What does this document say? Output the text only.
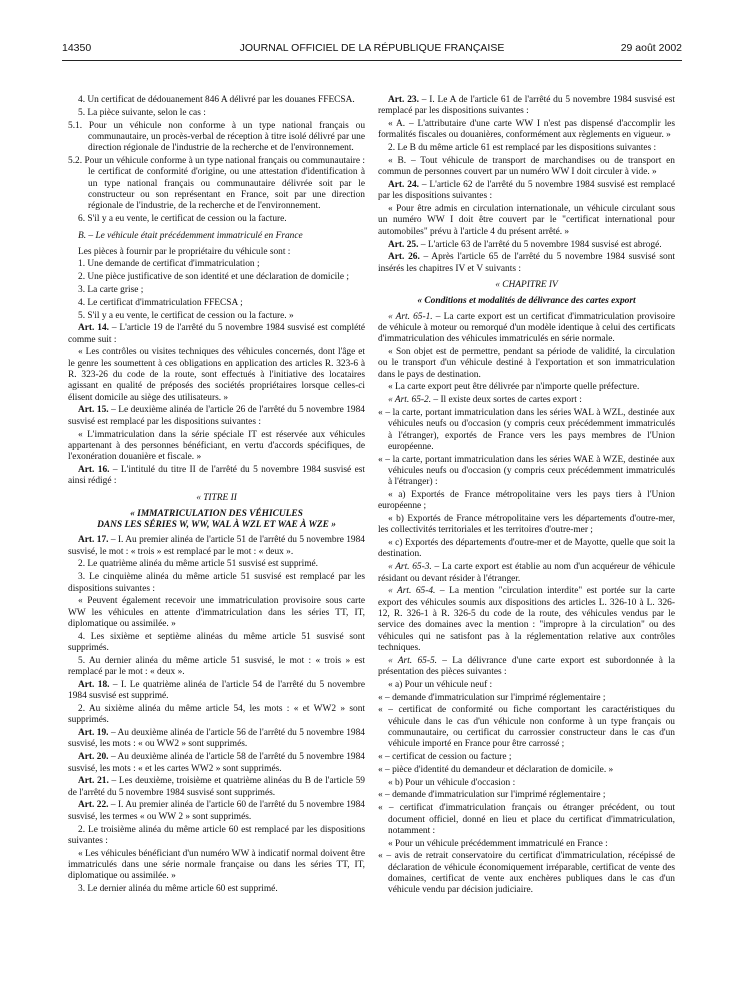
14350	JOURNAL OFFICIEL DE LA RÉPUBLIQUE FRANÇAISE	29 août 2002

4. Un certificat de dédouanement 846 A délivré par les douanes FFECSA.

5. La pièce suivante, selon le cas :

5.1. Pour un véhicule non conforme à un type national français ou communautaire, un procès-verbal de réception à titre isolé délivré par une direction régionale de l'industrie de la recherche et de l'environnement.

5.2. Pour un véhicule conforme à un type national français ou communautaire : le certificat de conformité d'origine, ou une attestation d'identification à un type national français ou communautaire délivrée soit par le constructeur ou son représentant en France, soit par une direction régionale de l'industrie, de la recherche et de l'environnement.

6. S'il y a eu vente, le certificat de cession ou la facture.

B. – Le véhicule était précédemment immatriculé en France

Les pièces à fournir par le propriétaire du véhicule sont :

1. Une demande de certificat d'immatriculation ;

2. Une pièce justificative de son identité et une déclaration de domicile ;

3. La carte grise ;

4. Le certificat d'immatriculation FFECSA ;

5. S'il y a eu vente, le certificat de cession ou la facture. »

Art. 14. – L'article 19 de l'arrêté du 5 novembre 1984 susvisé est complété comme suit :

« Les contrôles ou visites techniques des véhicules concernés, dont l'âge et le genre les soumettent à ces obligations en application des articles R. 323-6 à R. 323-26 du code de la route, sont effectués à l'initiative des locataires agissant en qualité de préposés des sociétés propriétaires lorsque celles-ci élisent domicile au siège des utilisateurs. »

Art. 15. – Le deuxième alinéa de l'article 26 de l'arrêté du 5 novembre 1984 susvisé est remplacé par les dispositions suivantes :

« L'immatriculation dans la série spéciale IT est réservée aux véhicules appartenant à des personnes bénéficiant, en vertu d'accords spécifiques, de l'exonération douanière et fiscale. »

Art. 16. – L'intitulé du titre II de l'arrêté du 5 novembre 1984 susvisé est ainsi rédigé :

« TITRE II

« IMMATRICULATION DES VÉHICULES

DANS LES SÉRIES W, WW, WAL À WZL ET WAE À WZE »

Art. 17. – I. Au premier alinéa de l'article 51 de l'arrêté du 5 novembre 1984 susvisé, le mot : « trois » est remplacé par le mot : « deux ».

2. Le quatrième alinéa du même article 51 susvisé est supprimé.

3. Le cinquième alinéa du même article 51 susvisé est remplacé par les dispositions suivantes :

« Peuvent également recevoir une immatriculation provisoire sous carte WW les véhicules en attente d'immatriculation dans les séries TT, IT, diplomatique ou assimilée. »

4. Les sixième et septième alinéas du même article 51 susvisé sont supprimés.

5. Au dernier alinéa du même article 51 susvisé, le mot : « trois » est remplacé par le mot : « deux ».

Art. 18. – I. Le quatrième alinéa de l'article 54 de l'arrêté du 5 novembre 1984 susvisé est supprimé.

2. Au sixième alinéa du même article 54, les mots : « et WW2 » sont supprimés.

Art. 19. – Au deuxième alinéa de l'article 56 de l'arrêté du 5 novembre 1984 susvisé, les mots : « ou WW2 » sont supprimés.

Art. 20. – Au deuxième alinéa de l'article 58 de l'arrêté du 5 novembre 1984 susvisé, les mots : « et les cartes WW2 » sont supprimés.

Art. 21. – Les deuxième, troisième et quatrième alinéas du B de l'article 59 de l'arrêté du 5 novembre 1984 susvisé sont supprimés.

Art. 22. – I. Au premier alinéa de l'article 60 de l'arrêté du 5 novembre 1984 susvisé, les termes « ou WW 2 » sont supprimés.

2. Le troisième alinéa du même article 60 est remplacé par les dispositions suivantes :

« Les véhicules bénéficiant d'un numéro WW à indicatif normal doivent être immatriculés dans une série normale française ou dans les séries TT, IT, diplomatique ou assimilée. »

3. Le dernier alinéa du même article 60 est supprimé.

Art. 23. – I. Le A de l'article 61 de l'arrêté du 5 novembre 1984 susvisé est remplacé par les dispositions suivantes :

« A. – L'attributaire d'une carte WW I n'est pas dispensé d'accomplir les formalités fiscales ou douanières, conformément aux règlements en vigueur. »

2. Le B du même article 61 est remplacé par les dispositions suivantes :

« B. – Tout véhicule de transport de marchandises ou de transport en commun de personnes couvert par un numéro WW I doit circuler à vide. »

Art. 24. – L'article 62 de l'arrêté du 5 novembre 1984 susvisé est remplacé par les dispositions suivantes :

« Pour être admis en circulation internationale, un véhicule circulant sous un numéro WW I doit être couvert par le "certificat international pour automobiles" prévu à l'article 4 du présent arrêté. »

Art. 25. – L'article 63 de l'arrêté du 5 novembre 1984 susvisé est abrogé.

Art. 26. – Après l'article 65 de l'arrêté du 5 novembre 1984 susvisé sont insérés les chapitres IV et V suivants :

« CHAPITRE IV

« Conditions et modalités de délivrance des cartes export

« Art. 65-1. – La carte export est un certificat d'immatriculation provisoire de véhicule à moteur ou remorqué d'un modèle identique à celui des certificats d'immatriculation des véhicules immatriculés en série normale.

« Son objet est de permettre, pendant sa période de validité, la circulation ou le transport d'un véhicule destiné à l'exportation et son immatriculation dans le pays de destination.

« La carte export peut être délivrée par n'importe quelle préfecture.

« Art. 65-2. – Il existe deux sortes de cartes export :

« – la carte, portant immatriculation dans les séries WAL à WZL, destinée aux véhicules neufs ou d'occasion (y compris ceux précédemment immatriculés à l'étranger), exportés de France vers les pays membres de l'Union européenne.

« – la carte, portant immatriculation dans les séries WAE à WZE, destinée aux véhicules neufs ou d'occasion (y compris ceux précédemment immatriculés à l'étranger) :

« a) Exportés de France métropolitaine vers les pays tiers à l'Union européenne ;

« b) Exportés de France métropolitaine vers les départements d'outre-mer, les collectivités territoriales et les territoires d'outre-mer ;

« c) Exportés des départements d'outre-mer et de Mayotte, quelle que soit la destination.

« Art. 65-3. – La carte export est établie au nom d'un acquéreur de véhicule résidant ou devant résider à l'étranger.

« Art. 65-4. – La mention "circulation interdite" est portée sur la carte export des véhicules soumis aux dispositions des articles L. 326-10 à L. 326-12, R. 326-1 à R. 326-5 du code de la route, des véhicules vendus par le service des domaines avec la mention : "impropre à la circulation" ou des véhicules qui ne satisfont pas à la réglementation relative aux contrôles techniques.

« Art. 65-5. – La délivrance d'une carte export est subordonnée à la présentation des pièces suivantes :

« a) Pour un véhicule neuf :

« – demande d'immatriculation sur l'imprimé réglementaire ;

« – certificat de conformité ou fiche comportant les caractéristiques du véhicule dans le cas d'un véhicule non conforme à un type français ou communautaire, ou certificat du carrossier constructeur dans le cas d'un véhicule importé en France pour être carrossé ;

« – certificat de cession ou facture ;

« – pièce d'identité du demandeur et déclaration de domicile. »

« b) Pour un véhicule d'occasion :

« – demande d'immatriculation sur l'imprimé réglementaire ;

« – certificat d'immatriculation français ou étranger précédent, ou tout document officiel, donné en lieu et place du certificat d'immatriculation, notamment :

« Pour un véhicule précédemment immatriculé en France :

« – avis de retrait conservatoire du certificat d'immatriculation, récépissé de déclaration de véhicule économiquement irréparable, certificat de vente des domaines, certificat de vente aux enchères publiques dans le cas d'un véhicule vendu par décision judiciaire.
